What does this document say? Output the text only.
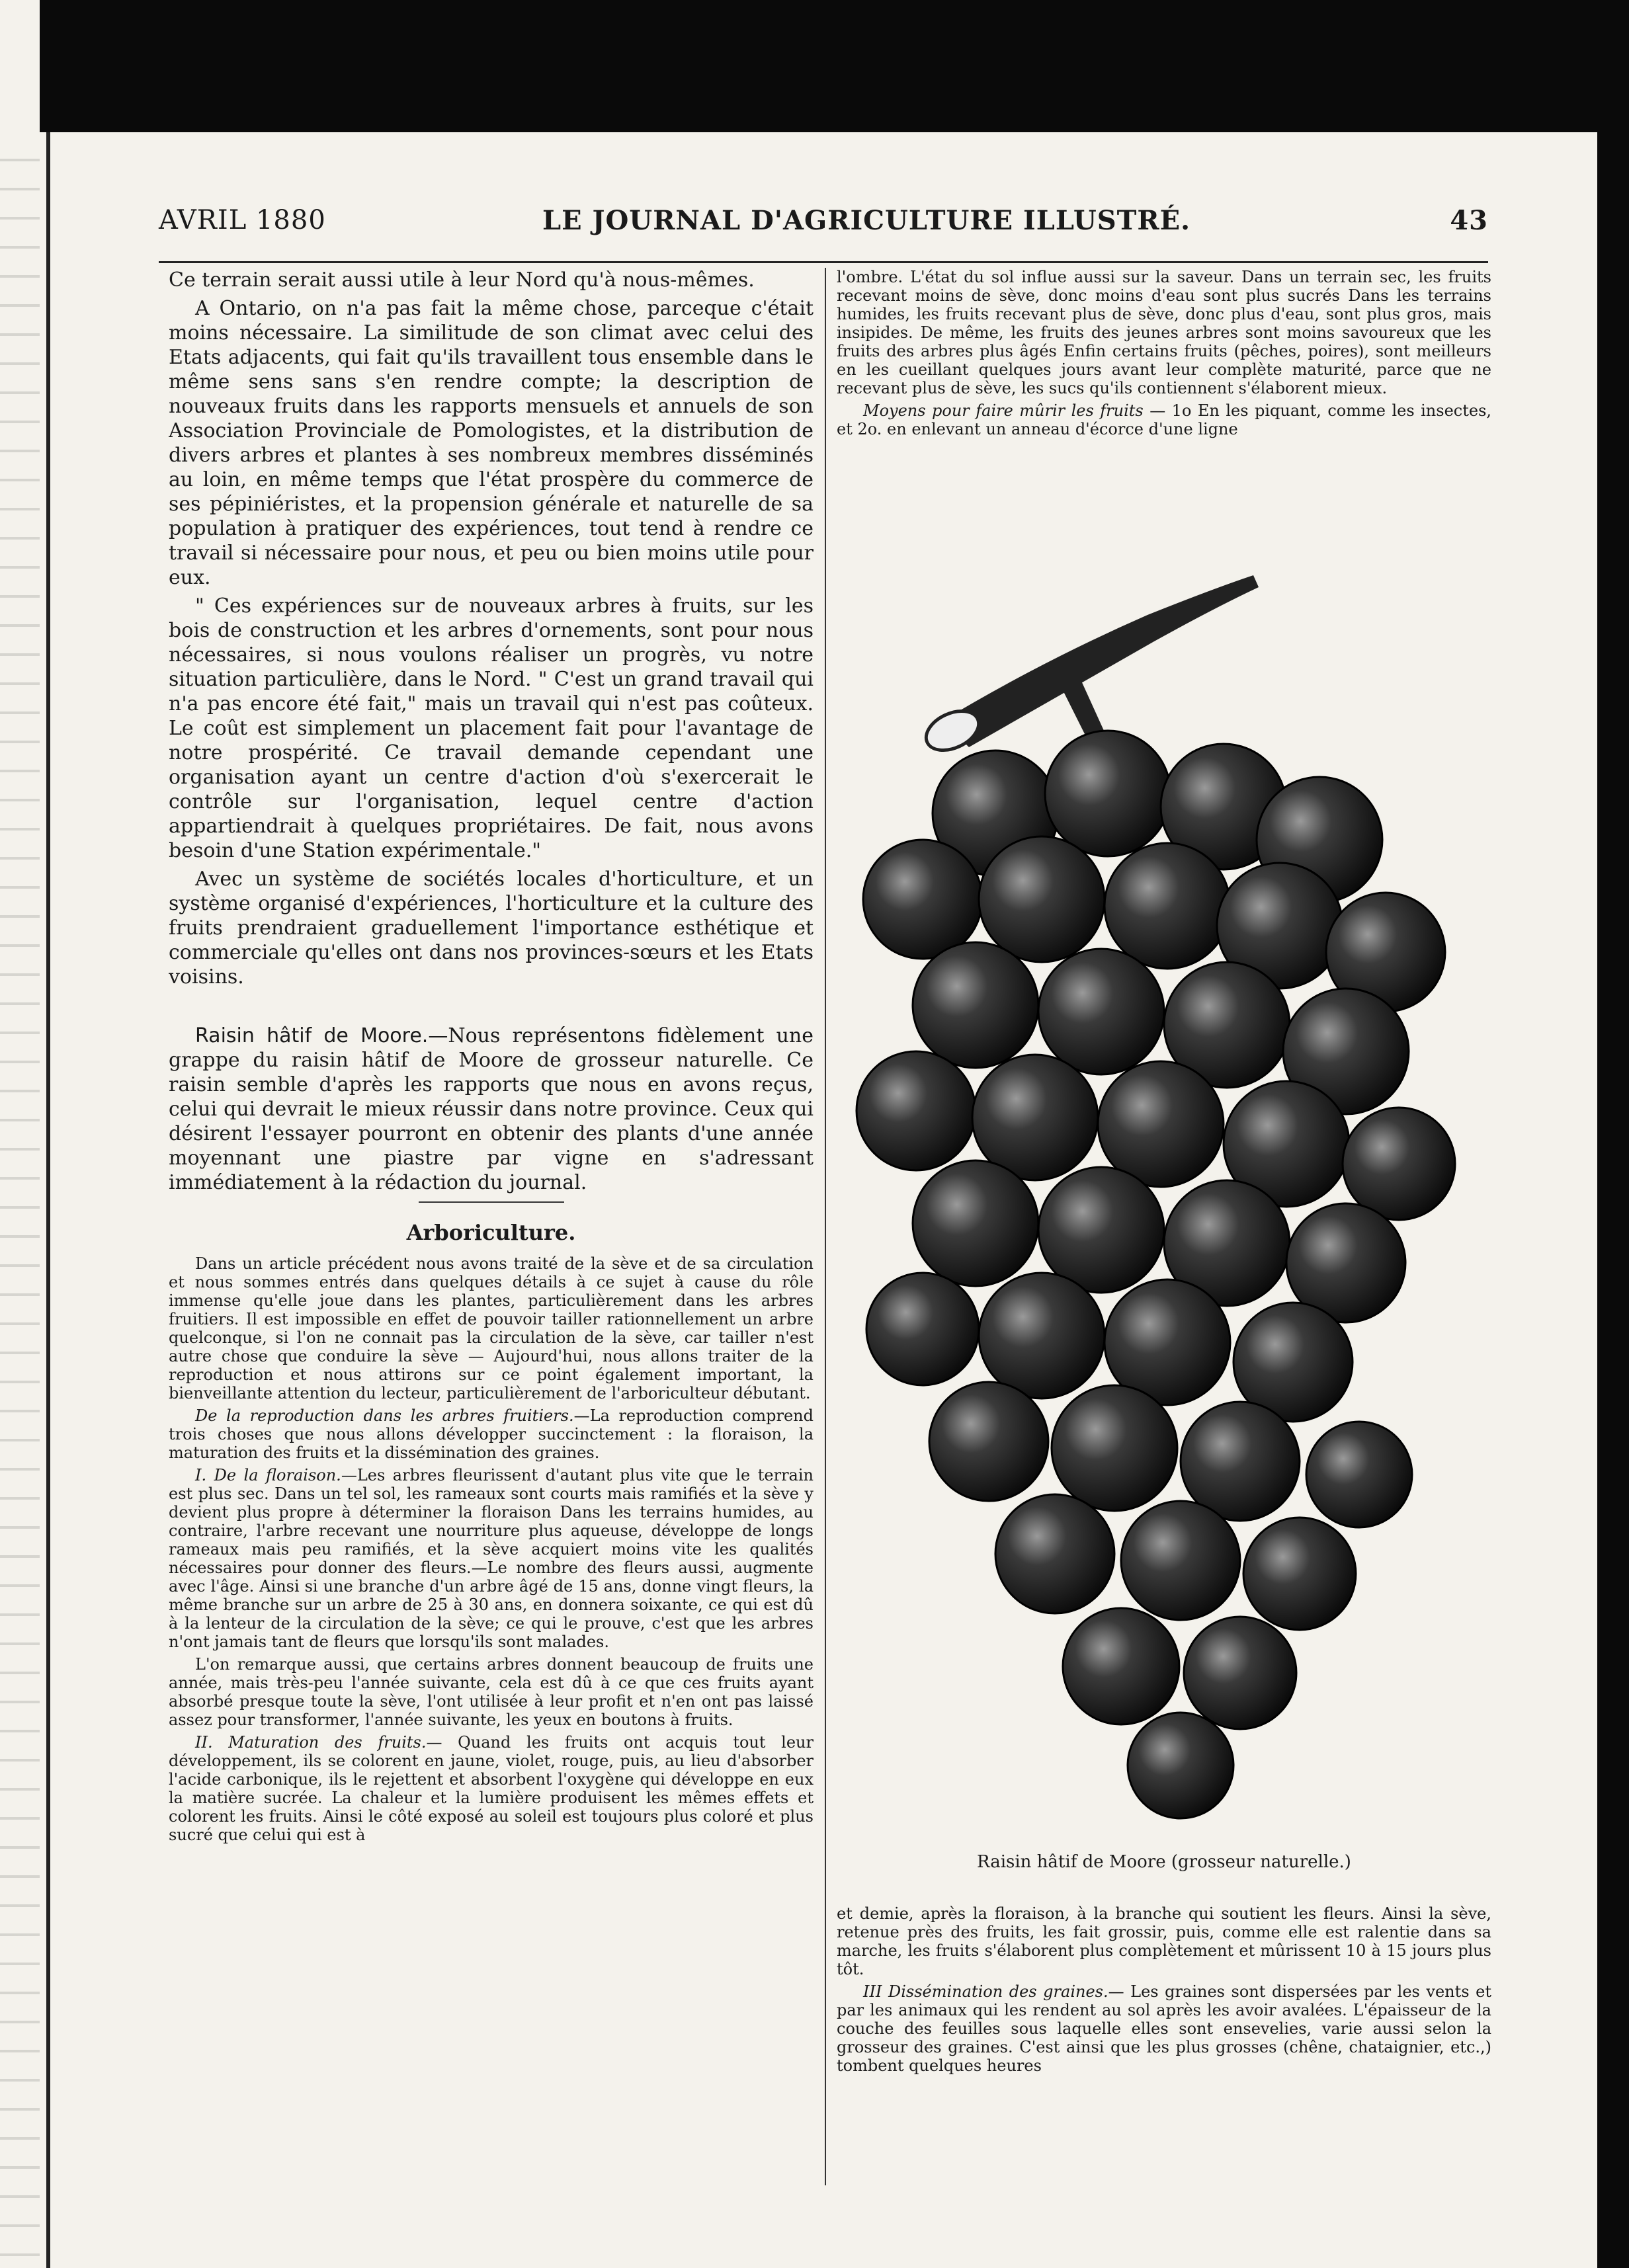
AVRIL 1880	LE JOURNAL D'AGRICULTURE ILLUSTRÉ.	43

Ce terrain serait aussi utile à leur Nord qu'à nous-mêmes.

A Ontario, on n'a pas fait la même chose, parceque c'était moins nécessaire. La similitude de son climat avec celui des Etats adjacents, qui fait qu'ils travaillent tous ensemble dans le même sens sans s'en rendre compte; la description de nouveaux fruits dans les rapports mensuels et annuels de son Association Provinciale de Pomologistes, et la distribution de divers arbres et plantes à ses nombreux membres disséminés au loin, en même temps que l'état prospère du commerce de ses pépiniéristes, et la propension générale et naturelle de sa population à pratiquer des expériences, tout tend à rendre ce travail si nécessaire pour nous, et peu ou bien moins utile pour eux.

" Ces expériences sur de nouveaux arbres à fruits, sur les bois de construction et les arbres d'ornements, sont pour nous nécessaires, si nous voulons réaliser un progrès, vu notre situation particulière, dans le Nord. " C'est un grand travail qui n'a pas encore été fait," mais un travail qui n'est pas coûteux. Le coût est simplement un placement fait pour l'avantage de notre prospérité. Ce travail demande cependant une organisation ayant un centre d'action d'où s'exercerait le contrôle sur l'organisation, lequel centre d'action appartiendrait à quelques propriétaires. De fait, nous avons besoin d'une Station expérimentale."

Avec un système de sociétés locales d'horticulture, et un système organisé d'expériences, l'horticulture et la culture des fruits prendraient graduellement l'importance esthétique et commerciale qu'elles ont dans nos provinces-sœurs et les Etats voisins.

Raisin hâtif de Moore.—Nous représentons fidèlement une grappe du raisin hâtif de Moore de grosseur naturelle. Ce raisin semble d'après les rapports que nous en avons reçus, celui qui devrait le mieux réussir dans notre province. Ceux qui désirent l'essayer pourront en obtenir des plants d'une année moyennant une piastre par vigne en s'adressant immédiatement à la rédaction du journal.

Arboriculture.

Dans un article précédent nous avons traité de la sève et de sa circulation et nous sommes entrés dans quelques détails à ce sujet à cause du rôle immense qu'elle joue dans les plantes, particulièrement dans les arbres fruitiers. Il est impossible en effet de pouvoir tailler rationnellement un arbre quelconque, si l'on ne connait pas la circulation de la sève, car tailler n'est autre chose que conduire la sève — Aujourd'hui, nous allons traiter de la reproduction et nous attirons sur ce point également important, la bienveillante attention du lecteur, particulièrement de l'arboriculteur débutant.

De la reproduction dans les arbres fruitiers.—La reproduction comprend trois choses que nous allons développer succinctement : la floraison, la maturation des fruits et la dissémination des graines.

I. De la floraison.—Les arbres fleurissent d'autant plus vite que le terrain est plus sec. Dans un tel sol, les rameaux sont courts mais ramifiés et la sève y devient plus propre à déterminer la floraison Dans les terrains humides, au contraire, l'arbre recevant une nourriture plus aqueuse, développe de longs rameaux mais peu ramifiés, et la sève acquiert moins vite les qualités nécessaires pour donner des fleurs.—Le nombre des fleurs aussi, augmente avec l'âge. Ainsi si une branche d'un arbre âgé de 15 ans, donne vingt fleurs, la même branche sur un arbre de 25 à 30 ans, en donnera soixante, ce qui est dû à la lenteur de la circulation de la sève; ce qui le prouve, c'est que les arbres n'ont jamais tant de fleurs que lorsqu'ils sont malades.

L'on remarque aussi, que certains arbres donnent beaucoup de fruits une année, mais très-peu l'année suivante, cela est dû à ce que ces fruits ayant absorbé presque toute la sève, l'ont utilisée à leur profit et n'en ont pas laissé assez pour transformer, l'année suivante, les yeux en boutons à fruits.

II. Maturation des fruits.— Quand les fruits ont acquis tout leur développement, ils se colorent en jaune, violet, rouge, puis, au lieu d'absorber l'acide carbonique, ils le rejettent et absorbent l'oxygène qui développe en eux la matière sucrée. La chaleur et la lumière produisent les mêmes effets et colorent les fruits. Ainsi le côté exposé au soleil est toujours plus coloré et plus sucré que celui qui est à

l'ombre. L'état du sol influe aussi sur la saveur. Dans un terrain sec, les fruits recevant moins de sève, donc moins d'eau sont plus sucrés Dans les terrains humides, les fruits recevant plus de sève, donc plus d'eau, sont plus gros, mais insipides. De même, les fruits des jeunes arbres sont moins savoureux que les fruits des arbres plus âgés Enfin certains fruits (pêches, poires), sont meilleurs en les cueillant quelques jours avant leur complète maturité, parce que ne recevant plus de sève, les sucs qu'ils contiennent s'élaborent mieux.

Moyens pour faire mûrir les fruits — 1o En les piquant, comme les insectes, et 2o. en enlevant un anneau d'écorce d'une ligne

Raisin hâtif de Moore (grosseur naturelle.)

et demie, après la floraison, à la branche qui soutient les fleurs. Ainsi la sève, retenue près des fruits, les fait grossir, puis, comme elle est ralentie dans sa marche, les fruits s'élaborent plus complètement et mûrissent 10 à 15 jours plus tôt.

III Dissémination des graines.— Les graines sont dispersées par les vents et par les animaux qui les rendent au sol après les avoir avalées. L'épaisseur de la couche des feuilles sous laquelle elles sont ensevelies, varie aussi selon la grosseur des graines. C'est ainsi que les plus grosses (chêne, chataignier, etc.,) tombent quelques heures
